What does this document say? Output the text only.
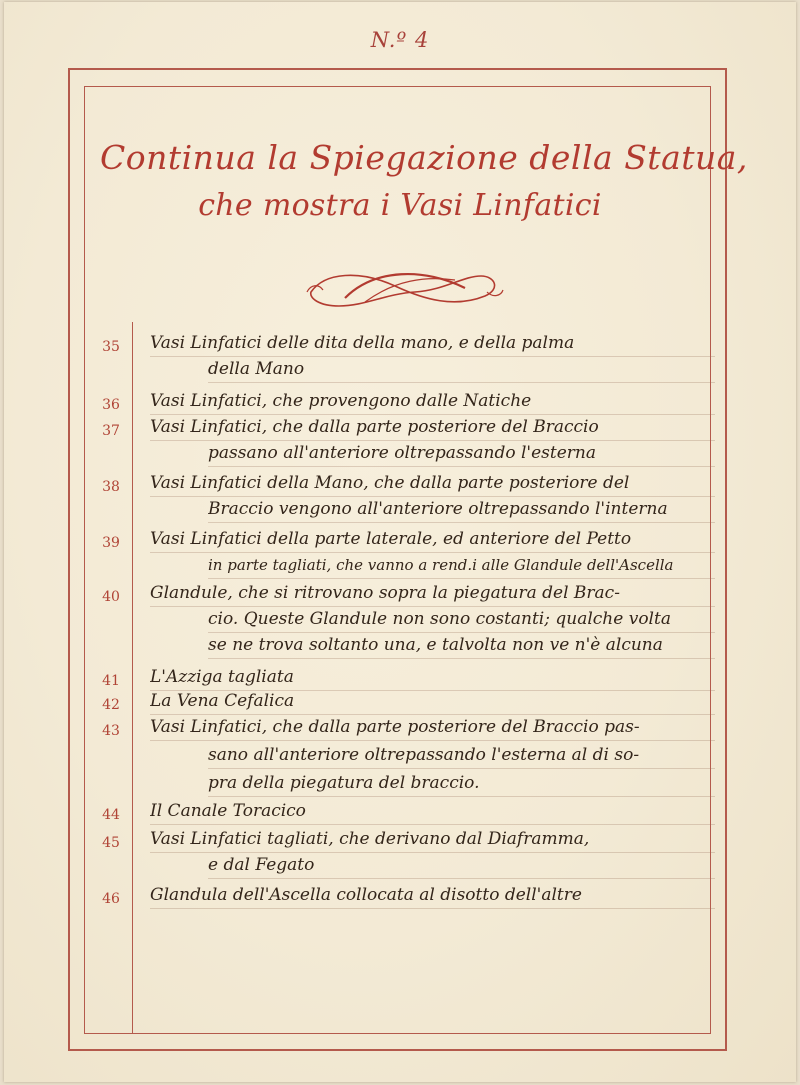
N.º 4
Continua la Spiegazione della Statua,
che mostra i Vasi Linfatici
35	Vasi Linfatici delle dita della mano, e della palma
della Mano
36	Vasi Linfatici, che provengono dalle Natiche
37	Vasi Linfatici, che dalla parte posteriore del Braccio
passano all'anteriore oltrepassando l'esterna
38	Vasi Linfatici della Mano, che dalla parte posteriore del
Braccio vengono all'anteriore oltrepassando l'interna
39	Vasi Linfatici della parte laterale, ed anteriore del Petto
in parte tagliati, che vanno a rend.i alle Glandule dell'Ascella
40	Glandule, che si ritrovano sopra la piegatura del Brac-
cio. Queste Glandule non sono costanti; qualche volta
se ne trova soltanto una, e talvolta non ve n'è alcuna
41	L'Azziga tagliata
42	La Vena Cefalica
43	Vasi Linfatici, che dalla parte posteriore del Braccio pas-
sano all'anteriore oltrepassando l'esterna al di so-
pra della piegatura del braccio.
44	Il Canale Toracico
45	Vasi Linfatici tagliati, che derivano dal Diaframma,
e dal Fegato
46	Glandula dell'Ascella collocata al disotto dell'altre
